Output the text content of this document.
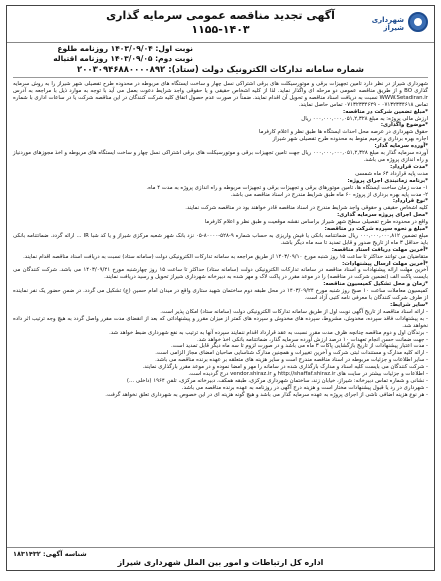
آگهی تجدید مناقصه عمومی سرمایه گذاری
۱۱۵۵-۱۴۰۳
شهرداری شیراز
نوبت اول: ۱۴۰۳/۰۹/۰۴ روزنامه طلوع
نوبت دوم: ۱۴۰۳/۰۹/۰۵ روزنامه اقتباله
شماره سامانه تدارکات الکترونیک دولت (ستاد): ۲۰۰۳۰۹۴۶۸۸۰۰۰۰۸۹۲

شهرداری شیراز در نظر دارد تامین تجهیزات برقی و موتورسیکلت های برقی اشتراکی نسل چهار و ساخت ایستگاه های مربوطه در محدوده طرح تفصیلی شهر شیراز را به روش سرمایه گذاری BO و از طریق مناقصه عمومی دو مرحله ای واگذار نماید. لذا از کلیه اشخاص حقیقی و یا حقوقی واجد شرایط دعوت بعمل می آید با توجه به موارد ذیل با مراجعه به آدرس WWW.Setadiran.ir نسبت به دریافت اسناد مناقصه و تحویل آن اقدام نمایند. ضمناً در صورت عدم حصول اتفاق کلیه شرکت کنندگان در این مناقصه شرکت یا در ساعات اداری با شماره تماس ۰۷۱۳۲۳۳۴۶۱۸ - ۰۷۱۳۲۳۳۴۶۲۹ تماس حاصل نمایند.

*مبلغ تضمین شرکت در مناقصه:

ارزش مالی پروژه: به مبلغ ۰۰۰,۰۰۰,۰۰۰,۰۵۱,۲,۳۲۸ ریال

*موضوع واگذاری:

حقوق شهرداری در عرصه محل احداث ایستگاه ها طبق نظر و اعلام کارفرما

اجاره بهره برداری و ترمیم منوط به محدوده طرح تفصیلی شهر شیراز

*آورده سرمایه گذار:

آورده سرمایه گذار به مبلغ ۰۰۰,۰۰۰,۰۰۰,۰۵۱,۲,۳۲۸ ریال جهت تامین تجهیزات برقی و موتورسیکلت های برقی اشتراکی نسل چهار و ساخت ایستگاه های مربوطه و اخذ مجوزهای موردنیاز و راه اندازی پروژه می باشد.

*مدت قرارداد:

مدت پایه قرارداد ۶۴ ماه شمسی

*برنامه زمانبندی اجرای پروژه:

۱- مدت زمان ساخت ایستگاه ها، تامین موتورهای برقی و تجهیزات برقی و تجهیزات مربوطه و راه اندازی پروژه به مدت ۴ ماه.

۲- مدت پایه بهره برداری از پروژه ۶۰ ماه طبق شرایط مندرج در اسناد مناقصه می باشد.

*نوع قرارداد:

کلیه اشخاص حقیقی و حقوقی واجد شرایط مندرج در اسناد مناقصه قادر خواهند بود در مناقصه شرکت نمایند.

*محل اجرای پروژه سرمایه گذاری:

واقع در محدوده طرح تفصیلی سطح شهر شیراز براساس نقشه موقعیت و طبق نظر و اعلام کارفرما

*مبلغ و نحوه سپرده شرکت در مناقصه:

مبلغ تضمین ۰۰۰,۰۰۰,۰۰۰,۸۱۲ ریال ضمانتنامه بانکی یا فیش واریزی به حساب شماره ۹-۵۲۸-۸۰۰۰۰-۰۵ نزد بانک شهر شعبه مرکزی شیراز و یا کد شبا IR ... ارائه گردد. ضمانتنامه بانکی باید حداقل ۳ ماه از تاریخ صدور و قابل تمدید تا سه ماه دیگر باشد.

*آخرین مهلت دریافت اسناد مناقصه:

متقاضیان می توانند حداکثر تا ساعت ۱۵ روز شنبه مورخ ۱۴۰۳/۰۹/۱۰ از طریق مراجعه به سامانه تدارکات الکترونیکی دولت (سامانه ستاد) نسبت به دریافت اسناد مناقصه اقدام نمایند.

*آخرین مهلت ارسال پیشنهادات:

آخرین مهلت ارائه پیشنهادات و اسناد مناقصه در سامانه تدارکات الکترونیکی دولت (سامانه ستاد) حداکثر تا ساعت ۱۵ روز چهارشنبه مورخ ۱۴۰۳/۰۹/۲۱ می باشد. شرکت کنندگان می بایست پاکت الف (تضمین شرکت در مناقصه) را در موعد مقرر در پاکت لاک و مهر شده به دبیرخانه شهرداری شیراز تحویل و رسید دریافت نمایند.

*زمان و محل تشکیل کمیسیون مناقصه:

کمیسیون معاملات ساعت ۱۰ صبح روز شنبه مورخ ۱۴۰۳/۰۹/۲۴ در محل طبقه دوم ساختمان شهید ستاری واقع در میدان امام حسین (ع) تشکیل می گردد. در ضمن حضور یک نفر نماینده از طرف شرکت کنندگان با معرفی نامه کتبی آزاد است.

*سایر شرایط:

- ارائه اسناد مناقصه از تاریخ آگهی نوبت اول از طریق سامانه تدارکات الکترونیکی دولت (سامانه ستاد) امکان پذیر است.

- به پیشنهادات فاقد سپرده، مخدوش، مشروط، سپرده های مخدوش و سپرده های کمتر از میزان مقرر و پیشنهاداتی که بعد از انقضای مدت مقرر واصل گردد به هیچ وجه ترتیب اثر داده نخواهد شد.

- برندگان اول و دوم مناقصه چنانچه ظرف مدت مقرر نسبت به عقد قرارداد اقدام ننمایند سپرده آنها به ترتیب به نفع شهرداری ضبط خواهد شد.

- جهت ضمانت حسن انجام تعهدات ۱۰ درصد ارزش آورده سرمایه گذار، ضمانتنامه بانکی اخذ خواهد شد.

- مدت اعتبار پیشنهادات از تاریخ بازگشایی پاکات ۳ ماه می باشد و در صورت لزوم تا سه ماه دیگر قابل تمدید است.

- ارائه کلیه مدارک و مستندات ثبتی شرکت و آخرین تغییرات و همچنین مدارک شناسایی صاحبان امضای مجاز الزامی است.

- سایر اطلاعات و جزئیات مربوطه در اسناد مناقصه مندرج است و سایر هزینه های متعلقه بر عهده برنده مناقصه می باشد.

- شرکت کنندگان می بایست کلیه اسناد و مدارک بارگذاری شده در سامانه را مهر و امضا نموده و در موعد مقرر بارگذاری نمایند.

- اطلاعات و جزئیات بیشتر در سایت های http://shaffaf.shiraz.ir و vendor.shiraz.ir درج گردیده است.

- نشانی و شماره تماس دبیرخانه: شیراز، خیابان زند، ساختمان شهرداری مرکزی، طبقه همکف، دبیرخانه مرکزی، تلفن ۱۹۶۴ (داخلی ...)

- شهرداری در رد یا قبول پیشنهادات مختار است و هزینه درج آگهی در روزنامه به عهده برنده مناقصه می باشد.

- هر نوع هزینه اضافی ناشی از اجرای پروژه به عهده سرمایه گذار می باشد و هیچ گونه هزینه ای در این خصوص به شهرداری تعلق نخواهد گرفت.

شناسه آگهی: ۱۸۳۱۴۳۲
اداره کل ارتباطات و امور بین الملل شهرداری شیراز
